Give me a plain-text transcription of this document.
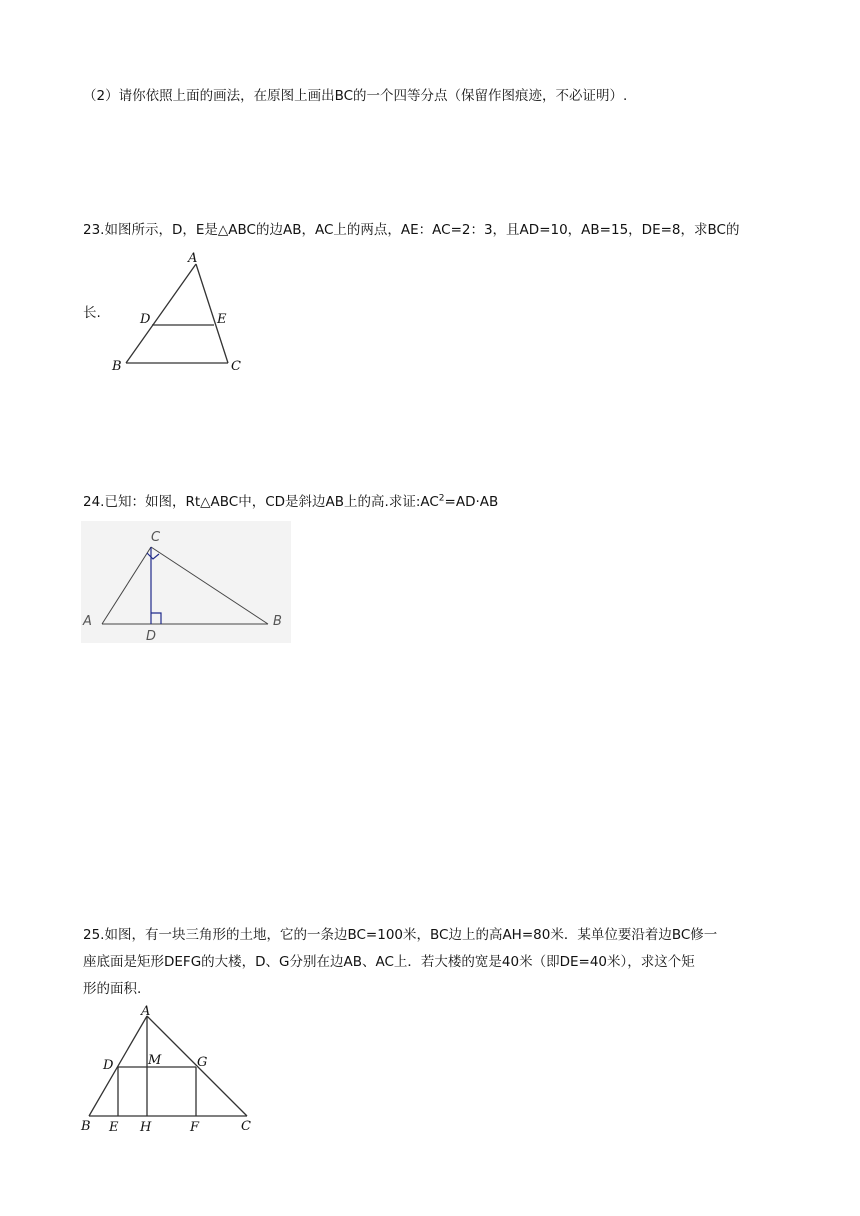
（2）请你依照上面的画法，在原图上画出BC的一个四等分点（保留作图痕迹，不必证明）.
23.如图所示，D，E是△ABC的边AB，AC上的两点，AE：AC=2：3，且AD=10，AB=15，DE=8，求BC的
长.
A
D	E
B	C
24.已知：如图，Rt△ABC中，CD是斜边AB上的高.求证$:AC^2=AD\cdot AB$
C
A	B
D
25.如图，有一块三角形的土地，它的一条边BC=100米，BC边上的高AH=80米．某单位要沿着边BC修一
座底面是矩形DEFG的大楼，D、G分别在边AB、AC上．若大楼的宽是40米（即DE=40米），求这个矩
形的面积.
A
D	M	G
B E H	F	C
